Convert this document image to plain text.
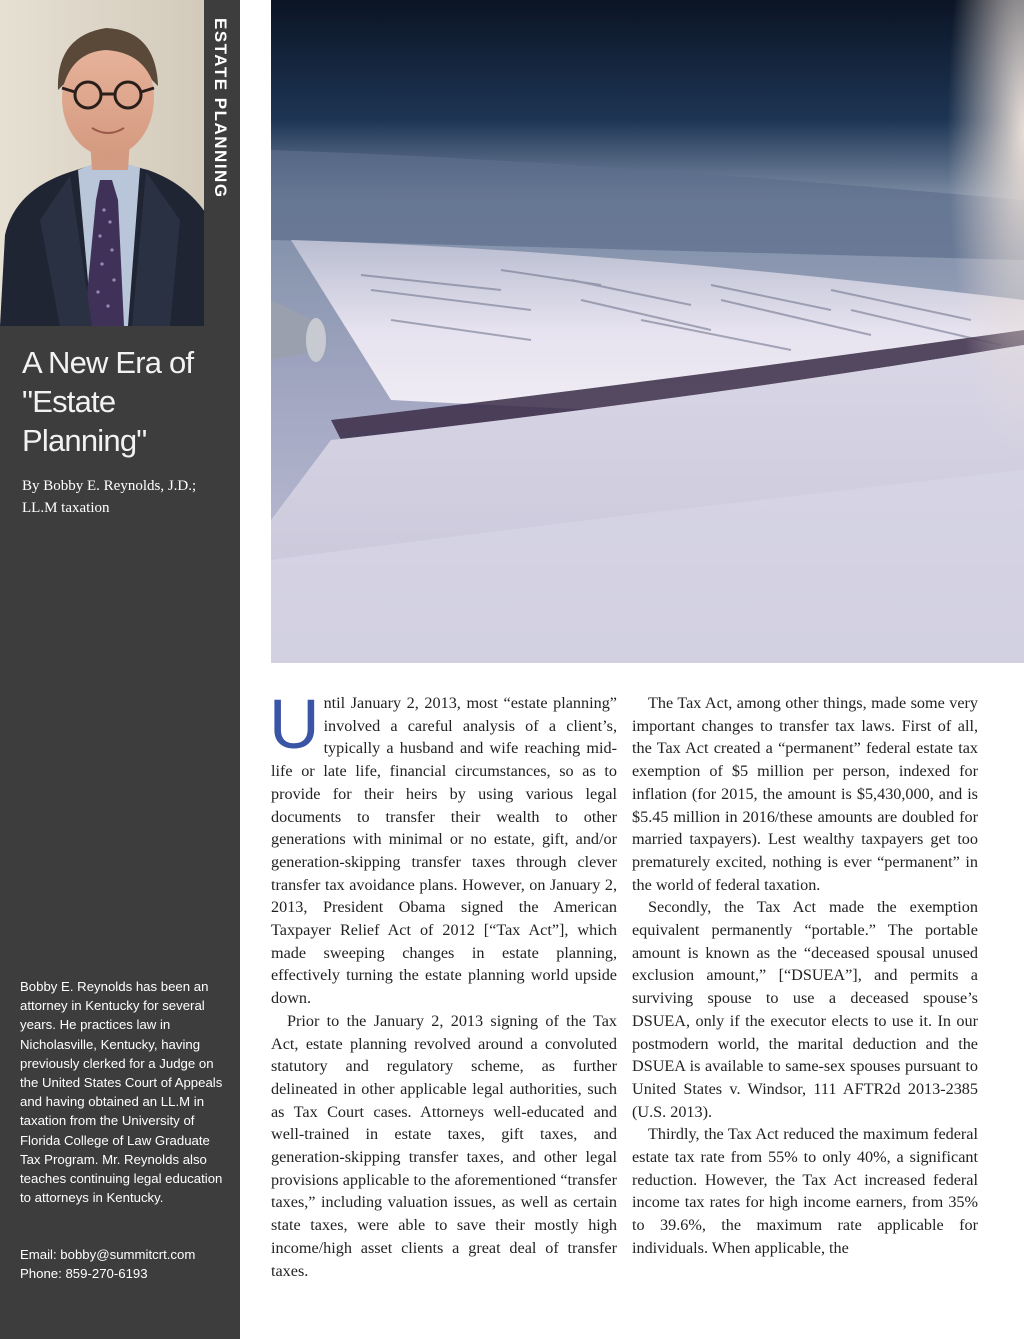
ESTATE PLANNING
A New Era of "Estate Planning"
By Bobby E. Reynolds, J.D.;
LL.M taxation
Bobby E. Reynolds has been an attorney in Kentucky for several years. He practices law in Nicholasville, Kentucky, having previously clerked for a Judge on the United States Court of Appeals and having obtained an LL.M in taxation from the University of Florida College of Law Graduate Tax Program. Mr. Reynolds also teaches continuing legal education to attorneys in Kentucky.
Email: bobby@summitcrt.com
Phone: 859-270-6193

Until January 2, 2013, most “estate planning” involved a careful analysis of a client’s, typically a husband and wife reaching mid-life or late life, financial circumstances, so as to provide for their heirs by using various legal documents to transfer their wealth to other generations with minimal or no estate, gift, and/or generation-skipping transfer taxes through clever transfer tax avoidance plans. However, on January 2, 2013, President Obama signed the American Taxpayer Relief Act of 2012 [“Tax Act”], which made sweeping changes in estate planning, effectively turning the estate planning world upside down.

Prior to the January 2, 2013 signing of the Tax Act, estate planning revolved around a convoluted statutory and regulatory scheme, as further delineated in other applicable legal authorities, such as Tax Court cases. Attorneys well-educated and well-trained in estate taxes, gift taxes, and generation-skipping transfer taxes, and other legal provisions applicable to the aforementioned “transfer taxes,” including valuation issues, as well as certain state taxes, were able to save their mostly high income/high asset clients a great deal of transfer taxes.

The Tax Act, among other things, made some very important changes to transfer tax laws. First of all, the Tax Act created a “permanent” federal estate tax exemption of $5 million per person, indexed for inflation (for 2015, the amount is $5,430,000, and is $5.45 million in 2016/these amounts are doubled for married taxpayers). Lest wealthy taxpayers get too prematurely excited, nothing is ever “permanent” in the world of federal taxation.

Secondly, the Tax Act made the exemption equivalent permanently “portable.” The portable amount is known as the “deceased spousal unused exclusion amount,” [“DSUEA”], and permits a surviving spouse to use a deceased spouse’s DSUEA, only if the executor elects to use it. In our postmodern world, the marital deduction and the DSUEA is available to same-sex spouses pursuant to United States v. Windsor, 111 AFTR2d 2013-2385 (U.S. 2013).

Thirdly, the Tax Act reduced the maximum federal estate tax rate from 55% to only 40%, a significant reduction. However, the Tax Act increased federal income tax rates for high income earners, from 35% to 39.6%, the maximum rate applicable for individuals. When applicable, the
